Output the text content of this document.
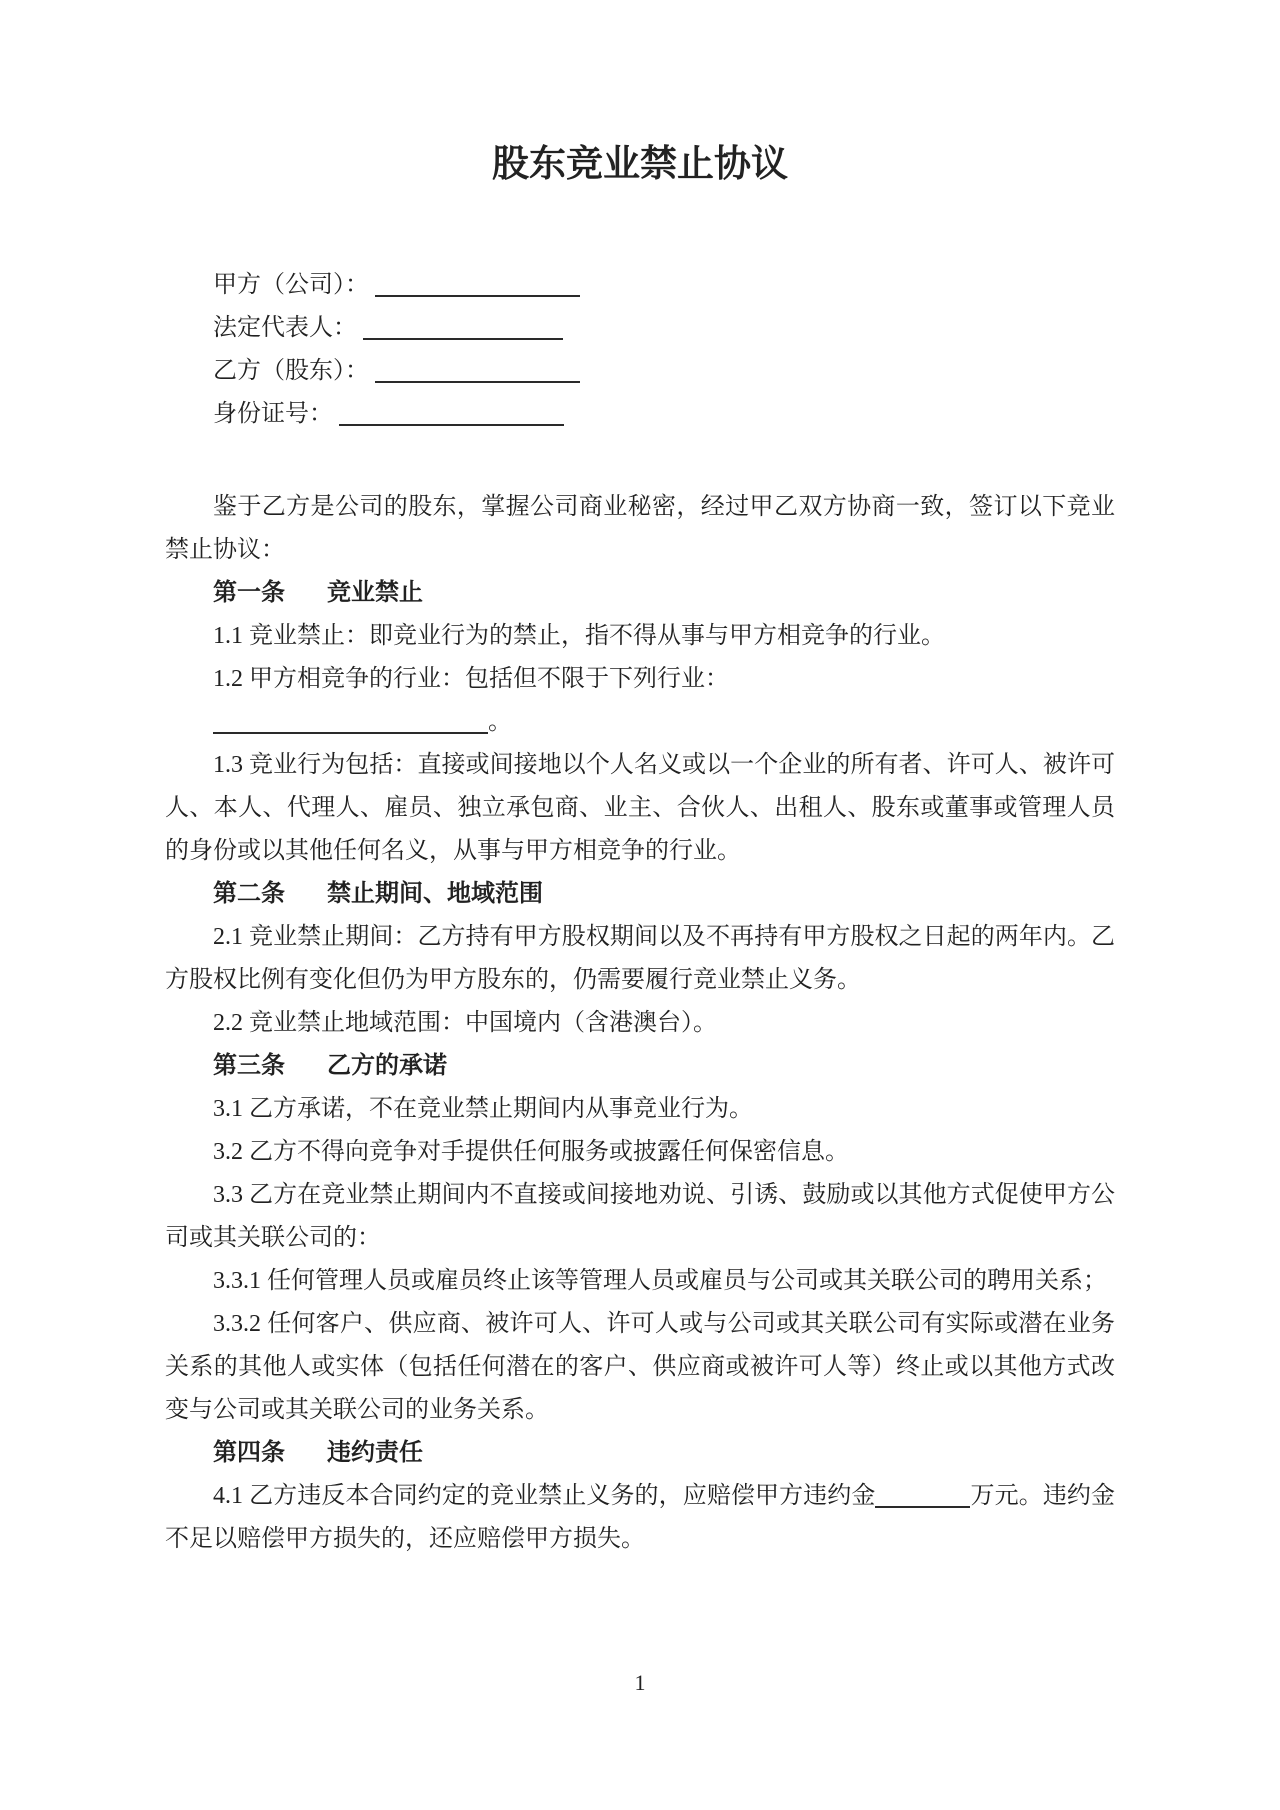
股东竞业禁止协议
甲方（公司）：
法定代表人：
乙方（股东）：
身份证号：

鉴于乙方是公司的股东，掌握公司商业秘密，经过甲乙双方协商一致，签订以下竞业禁止协议：

第一条 竞业禁止

1.1 竞业禁止：即竞业行为的禁止，指不得从事与甲方相竞争的行业。

1.2 甲方相竞争的行业：包括但不限于下列行业：

。

1.3 竞业行为包括：直接或间接地以个人名义或以一个企业的所有者、许可人、被许可人、本人、代理人、雇员、独立承包商、业主、合伙人、出租人、股东或董事或管理人员的身份或以其他任何名义，从事与甲方相竞争的行业。

第二条 禁止期间、地域范围

2.1 竞业禁止期间：乙方持有甲方股权期间以及不再持有甲方股权之日起的两年内。乙方股权比例有变化但仍为甲方股东的，仍需要履行竞业禁止义务。

2.2 竞业禁止地域范围：中国境内（含港澳台）。

第三条 乙方的承诺

3.1 乙方承诺，不在竞业禁止期间内从事竞业行为。

3.2 乙方不得向竞争对手提供任何服务或披露任何保密信息。

3.3 乙方在竞业禁止期间内不直接或间接地劝说、引诱、鼓励或以其他方式促使甲方公司或其关联公司的：

3.3.1 任何管理人员或雇员终止该等管理人员或雇员与公司或其关联公司的聘用关系；

3.3.2 任何客户、供应商、被许可人、许可人或与公司或其关联公司有实际或潜在业务关系的其他人或实体（包括任何潜在的客户、供应商或被许可人等）终止或以其他方式改变与公司或其关联公司的业务关系。

第四条 违约责任

4.1 乙方违反本合同约定的竞业禁止义务的，应赔偿甲方违约金	万元。违约金不足以赔偿甲方损失的，还应赔偿甲方损失。

1
